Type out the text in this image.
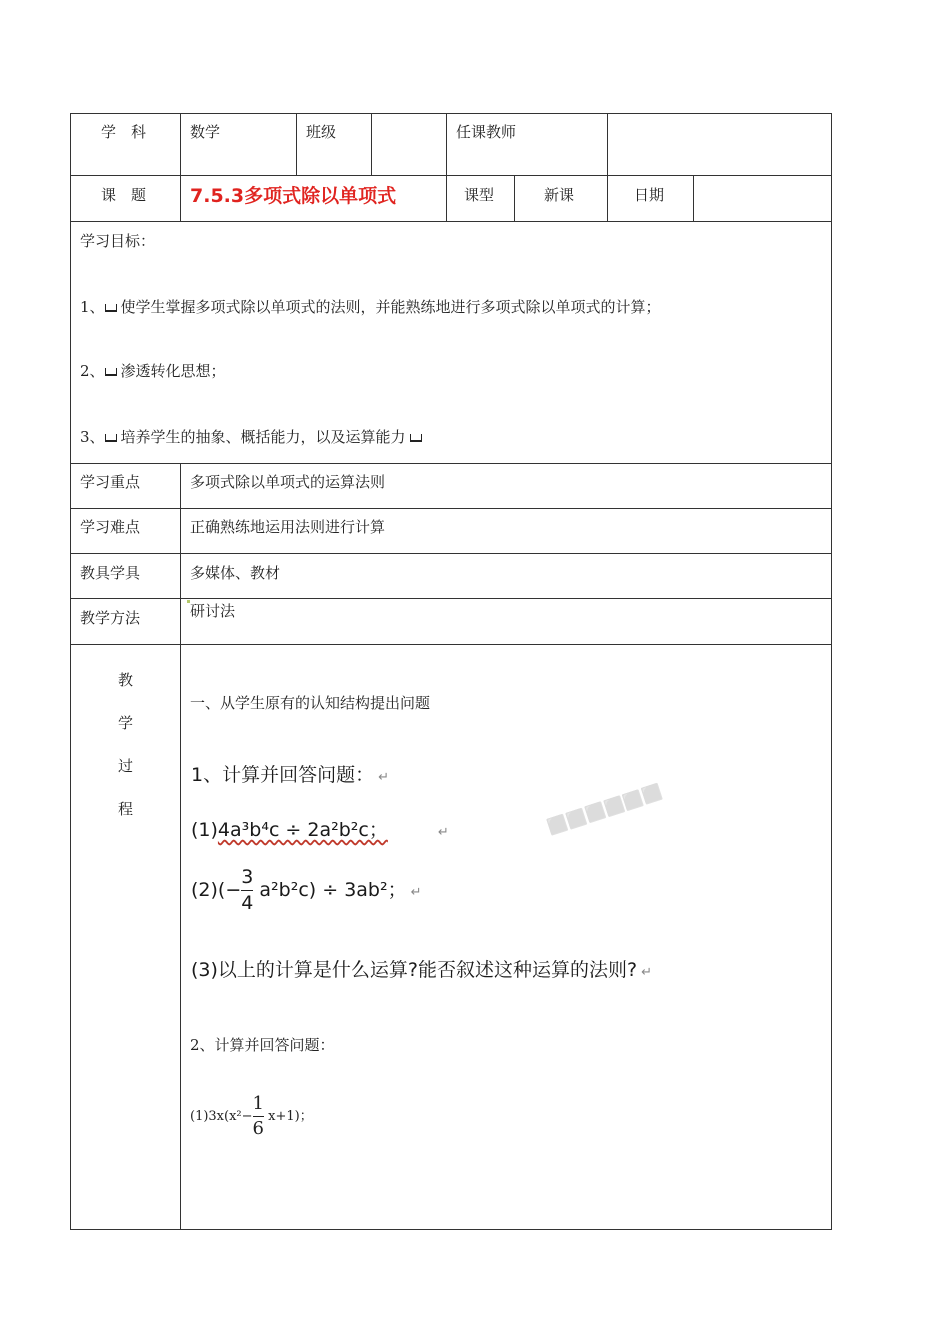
学　科	数学	班级	任课教师
课　题 7.5.3多项式除以单项式	课型	新课	日期
学习目标：
1、 使学生掌握多项式除以单项式的法则，并能熟练地进行多项式除以单项式的计算；
2、 渗透转化思想；
3、 培养学生的抽象、概括能力，以及运算能力
学习重点	多项式除以单项式的运算法则
学习难点	正确熟练地运用法则进行计算
教具学具	多媒体、教材
教学方法	研讨法
教
学
过
程
一、从学生原有的认知结构提出问题
⬛⬛⬛⬛⬛⬛
1、计算并回答问题： ↵
(1)4a³b⁴c ÷ 2a²b²c；	↵
$(2)(- \frac{3}{4} a^2b^2c) \div 3ab^2$； ↵
(3)以上的计算是什么运算?能否叙述这种运算的法则? ↵
2、计算并回答问题：
$(1)3x(x^2- \frac{1}{6} x+1)$；
